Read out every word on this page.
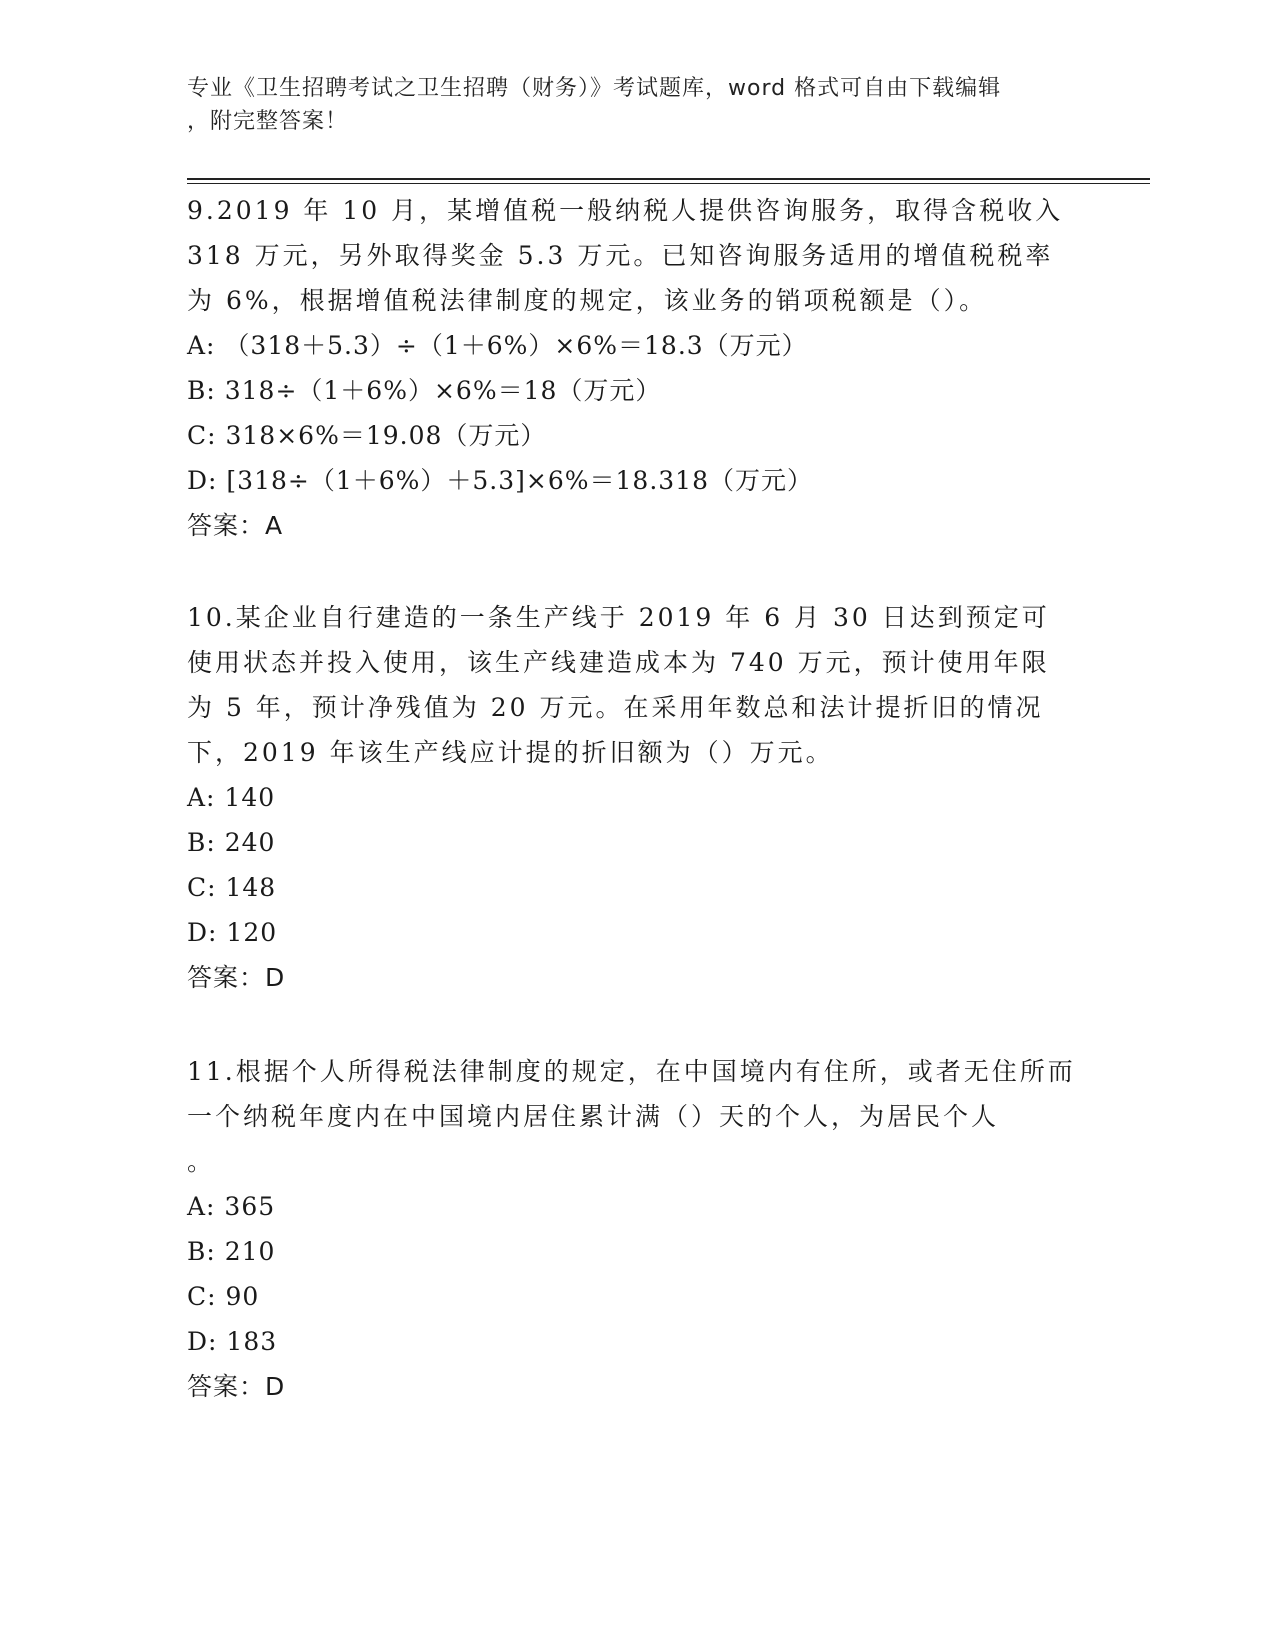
专业《卫生招聘考试之卫生招聘（财务）》考试题库，word 格式可自由下载编辑
，附完整答案！

9.2019 年 10 月，某增值税一般纳税人提供咨询服务，取得含税收入 318 万元，另外取得奖金 5.3 万元。已知咨询服务适用的增值税税率为 6%，根据增值税法律制度的规定，该业务的销项税额是（）。

A: （318＋5.3）÷（1＋6%）×6%＝18.3（万元）

B: 318÷（1＋6%）×6%＝18（万元）

C: 318×6%＝19.08（万元）

D: [318÷（1＋6%）＋5.3]×6%＝18.318（万元）

答案：A

10.某企业自行建造的一条生产线于 2019 年 6 月 30 日达到预定可使用状态并投入使用，该生产线建造成本为 740 万元，预计使用年限为 5 年，预计净残值为 20 万元。在采用年数总和法计提折旧的情况下，2019 年该生产线应计提的折旧额为（）万元。

A: 140

B: 240

C: 148

D: 120

答案：D

11.根据个人所得税法律制度的规定，在中国境内有住所，或者无住所而一个纳税年度内在中国境内居住累计满（）天的个人，为居民个人

。

A: 365

B: 210

C: 90

D: 183

答案：D
